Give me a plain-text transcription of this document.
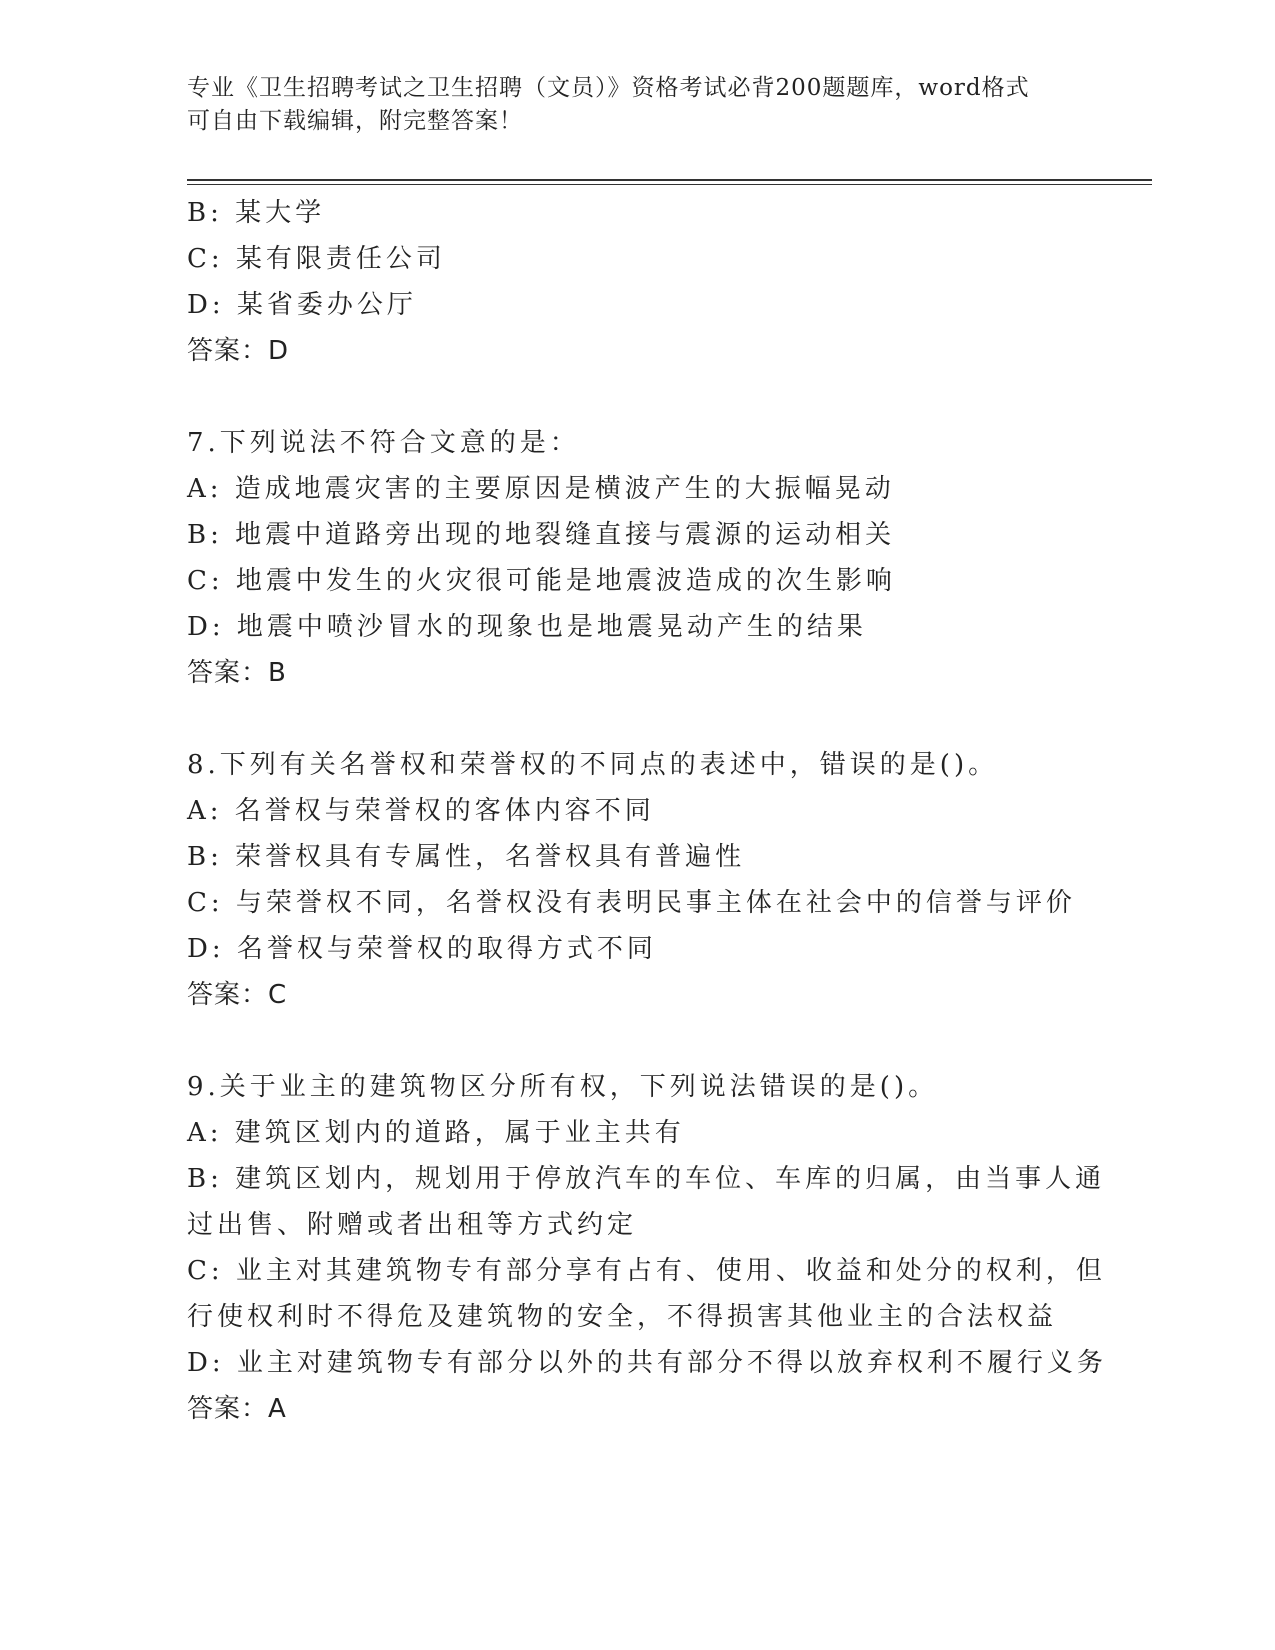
专业《卫生招聘考试之卫生招聘（文员）》资格考试必背200题题库，word格式
可自由下载编辑，附完整答案！
B: 某大学
C: 某有限责任公司
D: 某省委办公厅
答案：D
7.下列说法不符合文意的是：
A: 造成地震灾害的主要原因是横波产生的大振幅晃动
B: 地震中道路旁出现的地裂缝直接与震源的运动相关
C: 地震中发生的火灾很可能是地震波造成的次生影响
D: 地震中喷沙冒水的现象也是地震晃动产生的结果
答案：B
8.下列有关名誉权和荣誉权的不同点的表述中，错误的是()。
A: 名誉权与荣誉权的客体内容不同
B: 荣誉权具有专属性，名誉权具有普遍性
C: 与荣誉权不同，名誉权没有表明民事主体在社会中的信誉与评价
D: 名誉权与荣誉权的取得方式不同
答案：C
9.关于业主的建筑物区分所有权，下列说法错误的是()。
A: 建筑区划内的道路，属于业主共有
B: 建筑区划内，规划用于停放汽车的车位、车库的归属，由当事人通
过出售、附赠或者出租等方式约定
C: 业主对其建筑物专有部分享有占有、使用、收益和处分的权利，但
行使权利时不得危及建筑物的安全，不得损害其他业主的合法权益
D: 业主对建筑物专有部分以外的共有部分不得以放弃权利不履行义务
答案：A
